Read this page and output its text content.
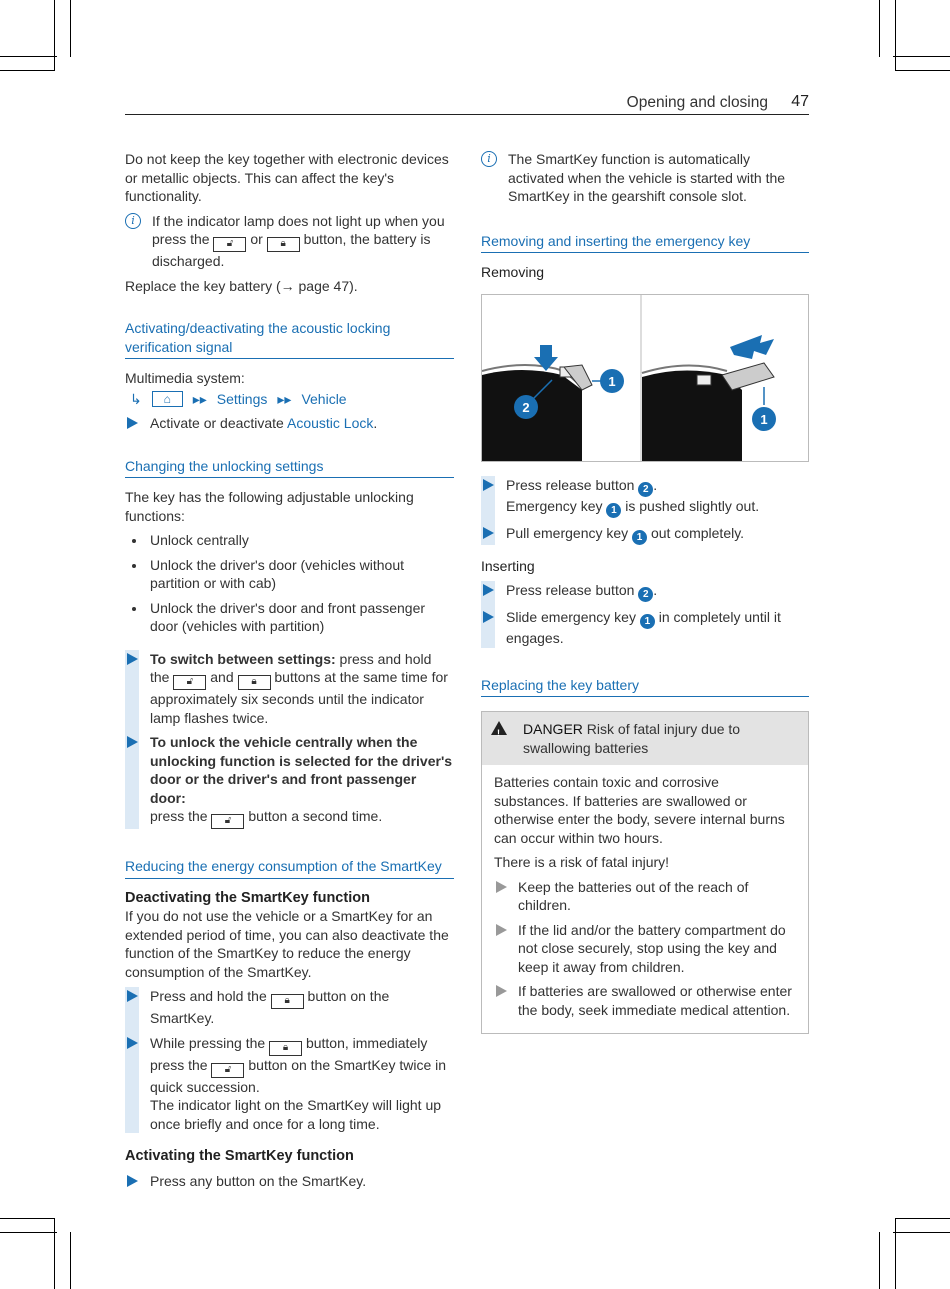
Opening and closing 47

Do not keep the key together with electronic devices or metallic objects. This can affect the key's functionality.

i	If the indicator lamp does not light up when you press the 🔓︎ or 🔒︎ button, the battery is discharged.

Replace the key battery (→ page 47).

Activating/deactivating the acoustic locking verification signal

Multimedia system:

↳	⌂	▸▸ Settings ▸▸ Vehicle
Activate or deactivate Acoustic Lock.
Changing the unlocking settings

The key has the following adjustable unlocking functions:

Unlock centrally
Unlock the driver's door (vehicles without partition or with cab)
Unlock the driver's door and front passenger door (vehicles with partition)
To switch between settings: press and hold the 🔓︎ and 🔒︎ buttons at the same time for approximately six seconds until the indicator lamp flashes twice.
To unlock the vehicle centrally when the unlocking function is selected for the driver's door or the driver's and front passenger door:
press the 🔓︎ button a second time.
Reducing the energy consumption of the SmartKey
Deactivating the SmartKey function

If you do not use the vehicle or a SmartKey for an extended period of time, you can also deactivate the function of the SmartKey to reduce the energy consumption of the SmartKey.

Press and hold the 🔒︎ button on the SmartKey.
While pressing the 🔒︎ button, immediately press the 🔓︎ button on the SmartKey twice in quick succession.
The indicator light on the SmartKey will light up once briefly and once for a long time.
Activating the SmartKey function
Press any button on the SmartKey.
i	The SmartKey function is automatically activated when the vehicle is started with the SmartKey in the gearshift console slot.
Removing and inserting the emergency key
Removing
1
2
1
Press release button 2 .
Emergency key 1 is pushed slightly out.
Pull emergency key 1 out completely.
Inserting
Press release button 2 .
Slide emergency key 1 in completely until it engages.
Replacing the key battery
! DANGER Risk of fatal injury due to swallowing batteries

Batteries contain toxic and corrosive substances. If batteries are swallowed or otherwise enter the body, severe internal burns can occur within two hours.

There is a risk of fatal injury!

Keep the batteries out of the reach of children.
If the lid and/or the battery compartment do not close securely, stop using the key and keep it away from children.
If batteries are swallowed or otherwise enter the body, seek immediate medical attention.
